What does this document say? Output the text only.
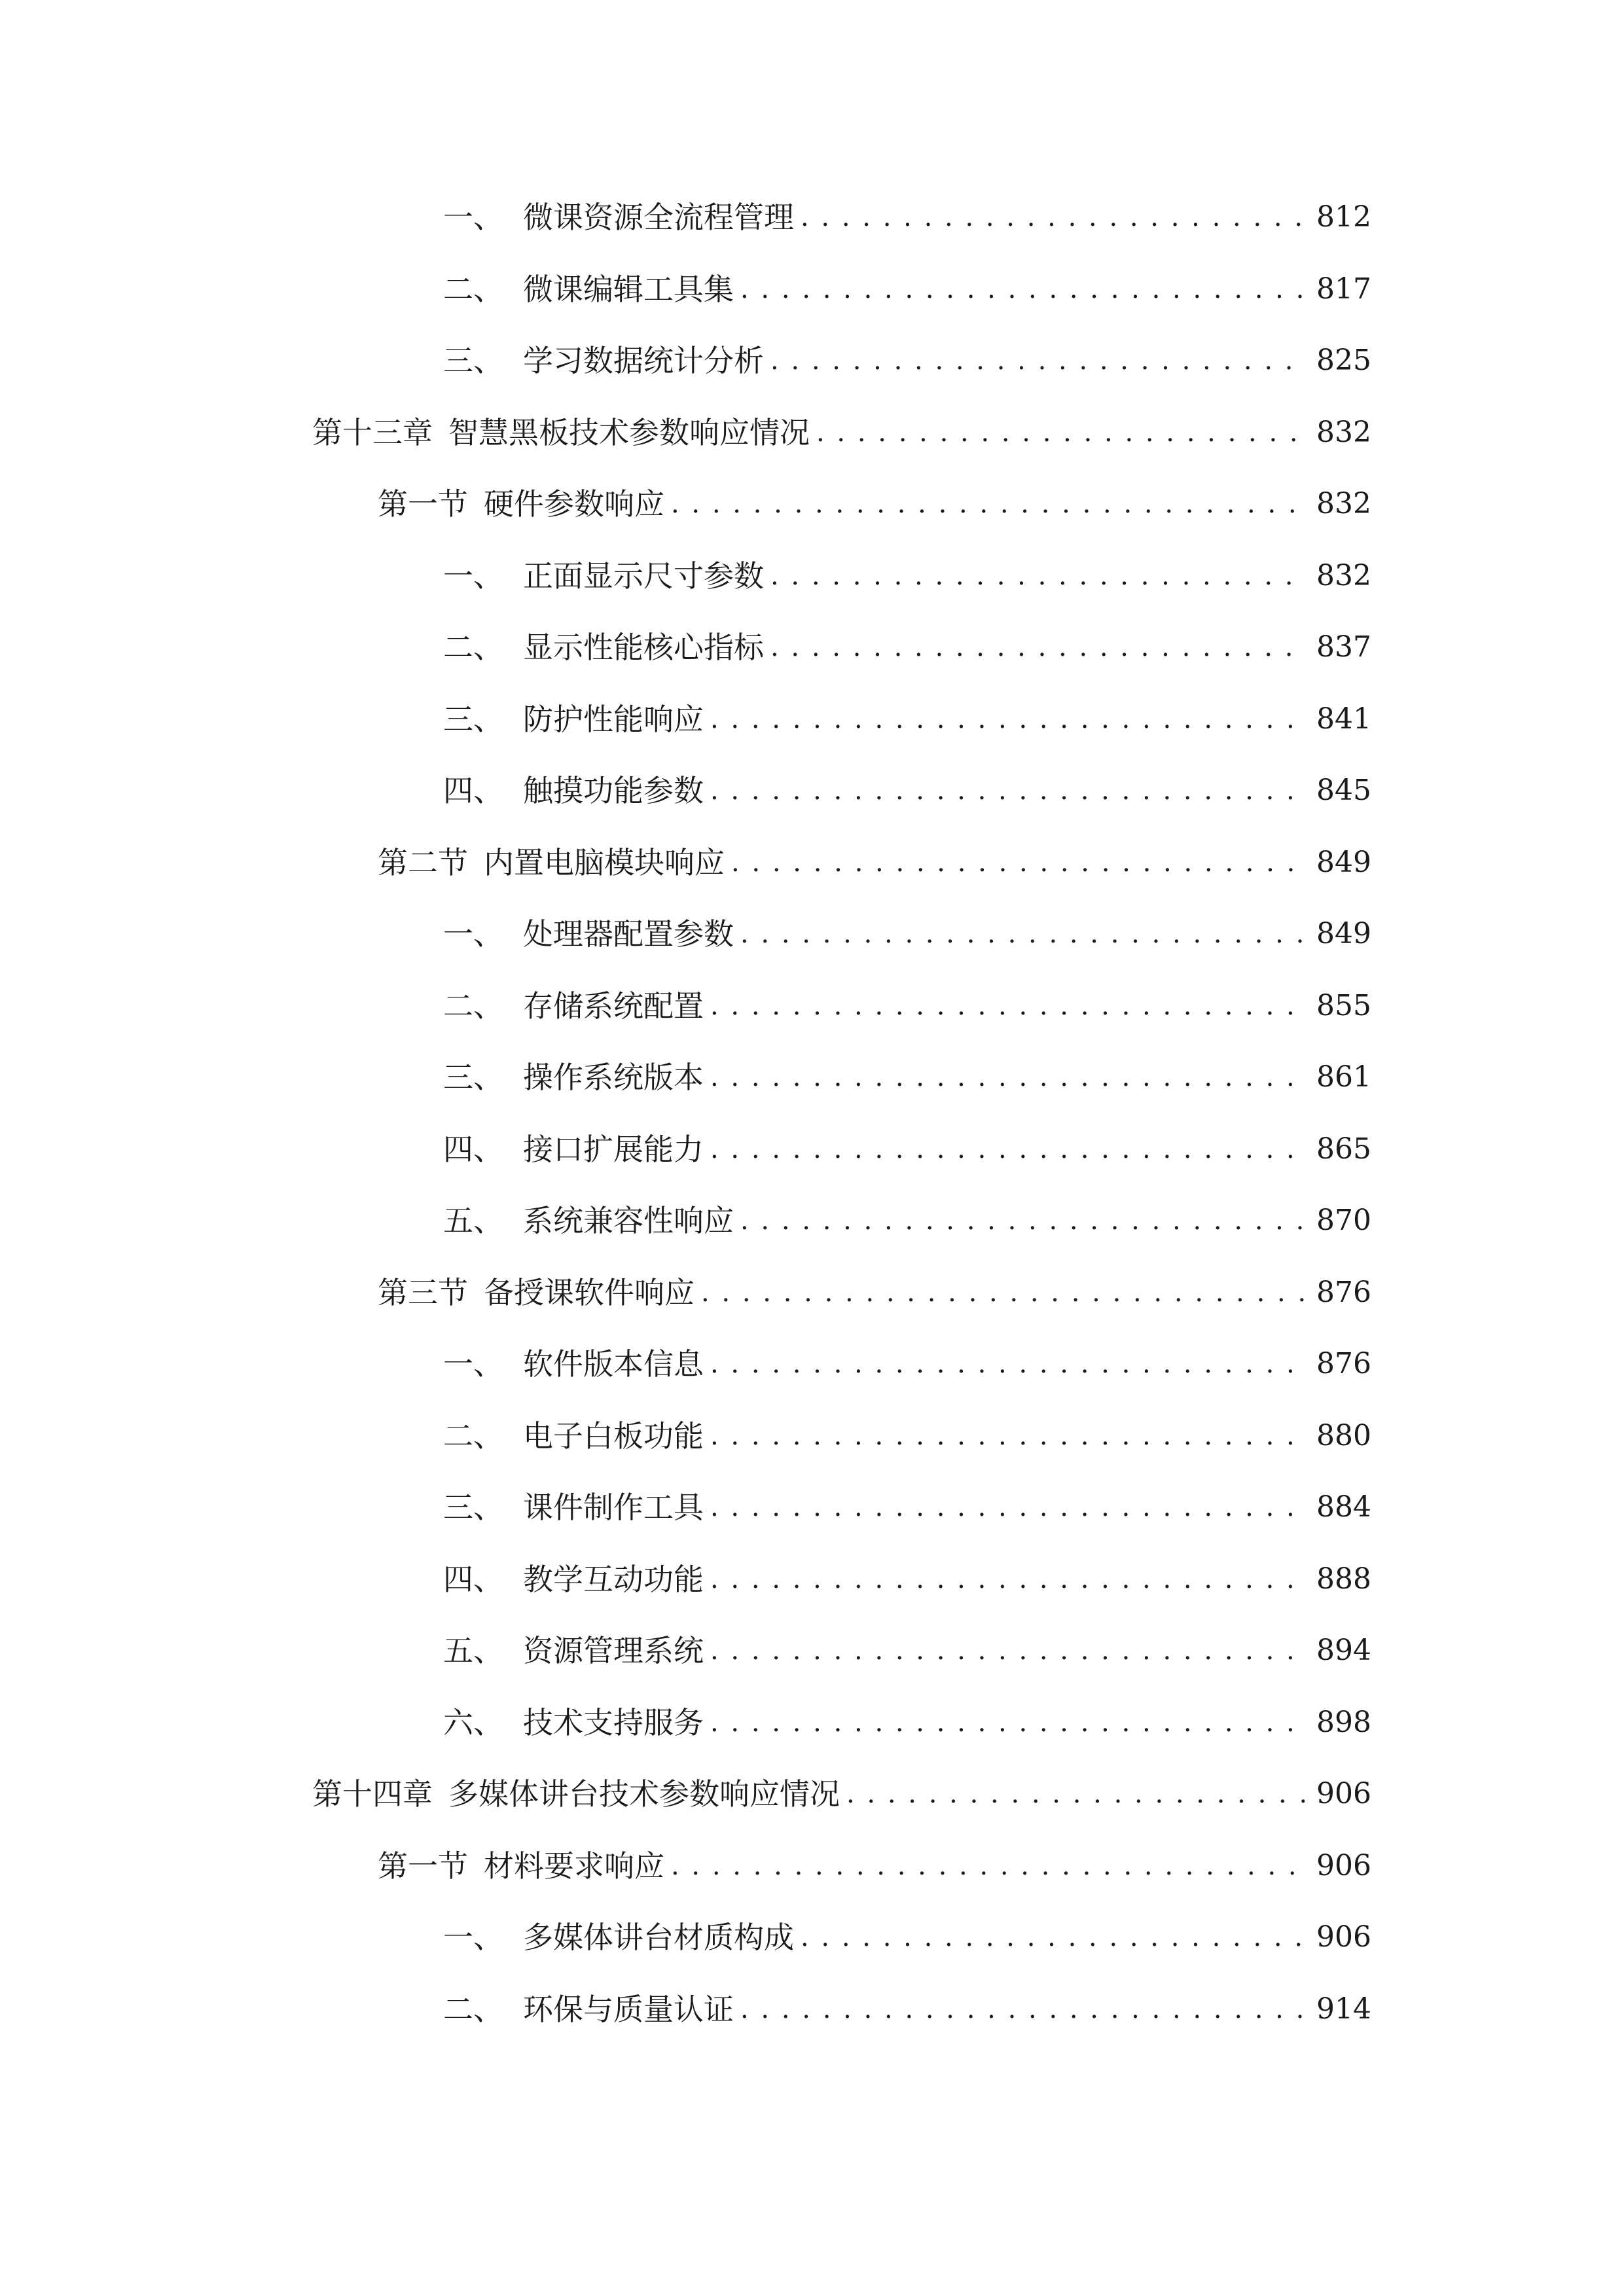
一、 微课资源全流程管理 . . .	812
二、 微课编辑工具集 . . .	817
三、 学习数据统计分析 . . .	825
第十三章 智慧黑板技术参数响应情况 . . .	832
第一节 硬件参数响应 . . .	832
一、 正面显示尺寸参数 . . .	832
二、 显示性能核心指标 . . .	837
三、 防护性能响应 . . .	841
四、 触摸功能参数 . . .	845
第二节 内置电脑模块响应 . . .	849
一、 处理器配置参数 . . .	849
二、 存储系统配置 . . .	855
三、 操作系统版本 . . .	861
四、 接口扩展能力 . . .	865
五、 系统兼容性响应 . . .	870
第三节 备授课软件响应 . . .	876
一、 软件版本信息 . . .	876
二、 电子白板功能 . . .	880
三、 课件制作工具 . . .	884
四、 教学互动功能 . . .	888
五、 资源管理系统 . . .	894
六、 技术支持服务 . . .	898
第十四章 多媒体讲台技术参数响应情况 . . .	906
第一节 材料要求响应 . . .	906
一、 多媒体讲台材质构成 . . .	906
二、 环保与质量认证 . . .	914
